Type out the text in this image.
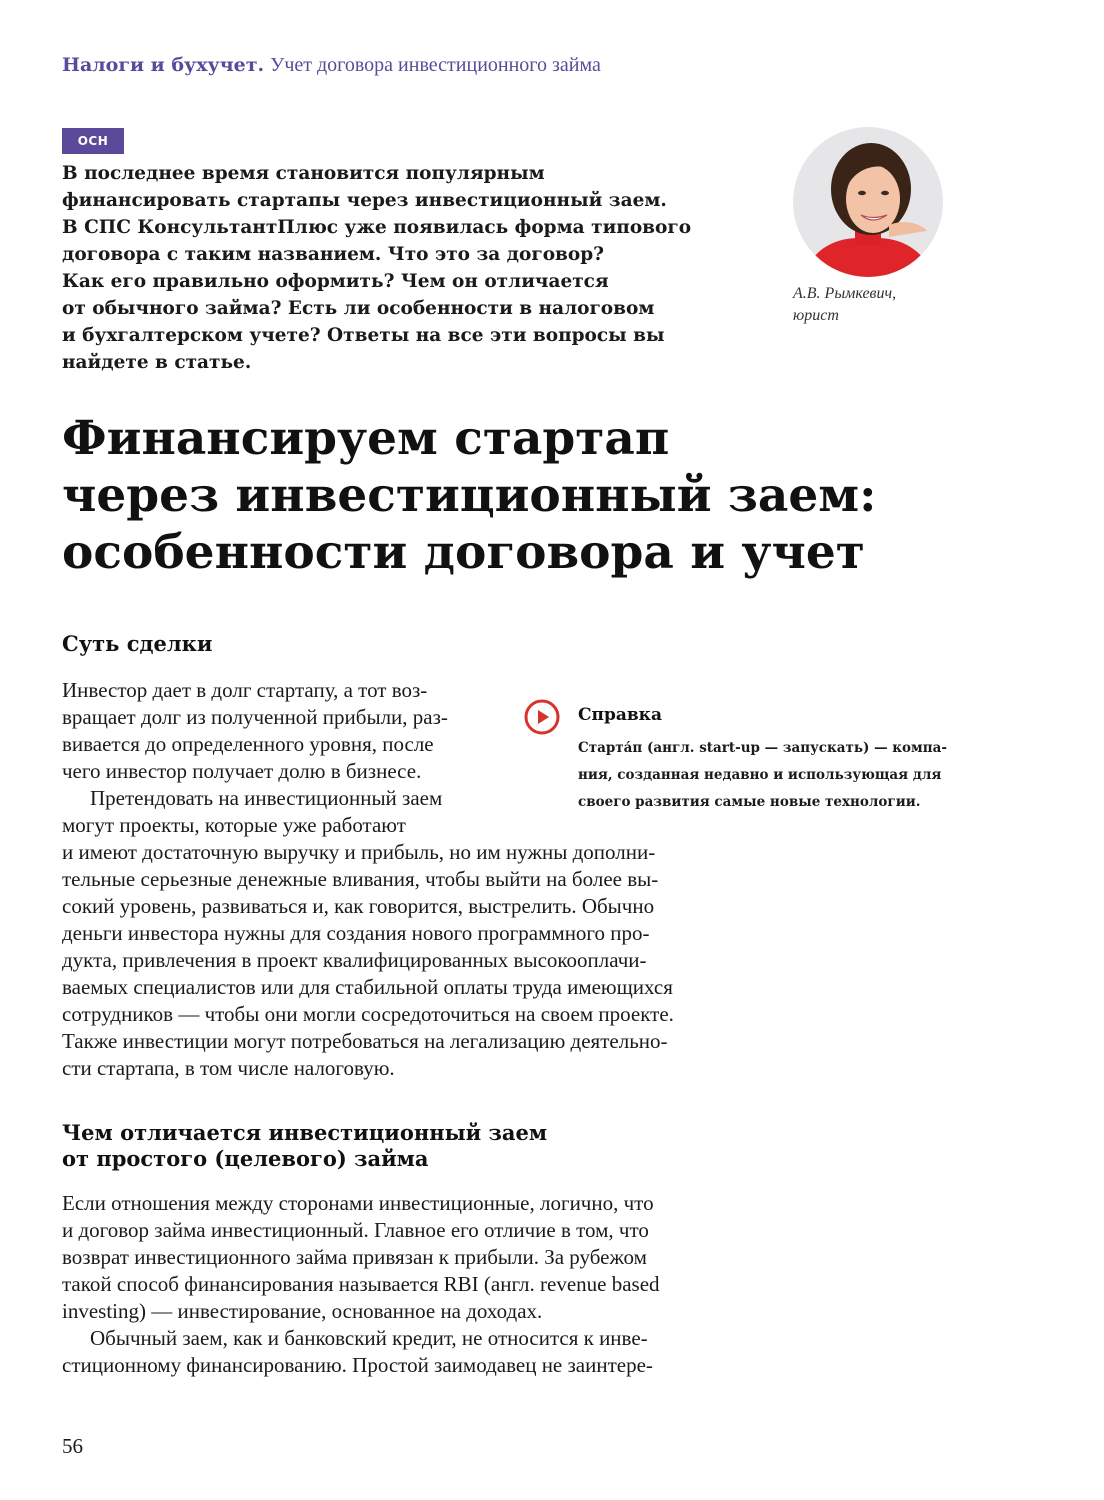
Налоги и бухучет. Учет договора инвестиционного займа
ОСН
В последнее время становится популярным
финансировать стартапы через инвестиционный заем.
В СПС КонсультантПлюс уже появилась форма типового
договора с таким названием. Что это за договор?
Как его правильно оформить? Чем он отличается
от обычного займа? Есть ли особенности в налоговом
и бухгалтерском учете? Ответы на все эти вопросы вы
найдете в статье.
А.В. Рымкевич,
юрист
Финансируем стартап
через инвестиционный заем:
особенности договора и учет
Суть сделки
Инвестор дает в долг стартапу, а тот воз-
вращает долг из полученной прибыли, раз-
вивается до определенного уровня, после
чего инвестор получает долю в бизнесе.
Претендовать на инвестиционный заем
могут проекты, которые уже работают
и имеют достаточную выручку и прибыль, но им нужны дополни-
тельные серьезные денежные вливания, чтобы выйти на более вы-
сокий уровень, развиваться и, как говорится, выстрелить. Обычно
деньги инвестора нужны для создания нового программного про-
дукта, привлечения в проект квалифицированных высокооплачи-
ваемых специалистов или для стабильной оплаты труда имеющихся
сотрудников — чтобы они могли сосредоточиться на своем проекте.
Также инвестиции могут потребоваться на легализацию деятельно-
сти стартапа, в том числе налоговую.
Справка
Старта́п (англ. start-up — запускать) — компа-
ния, созданная недавно и использующая для
своего развития самые новые технологии.
Чем отличается инвестиционный заем
от простого (целевого) займа
Если отношения между сторонами инвестиционные, логично, что
и договор займа инвестиционный. Главное его отличие в том, что
возврат инвестиционного займа привязан к прибыли. За рубежом
такой способ финансирования называется RBI (англ. revenue based
investing) — инвестирование, основанное на доходах.
Обычный заем, как и банковский кредит, не относится к инве-
стиционному финансированию. Простой заимодавец не заинтере-
56
